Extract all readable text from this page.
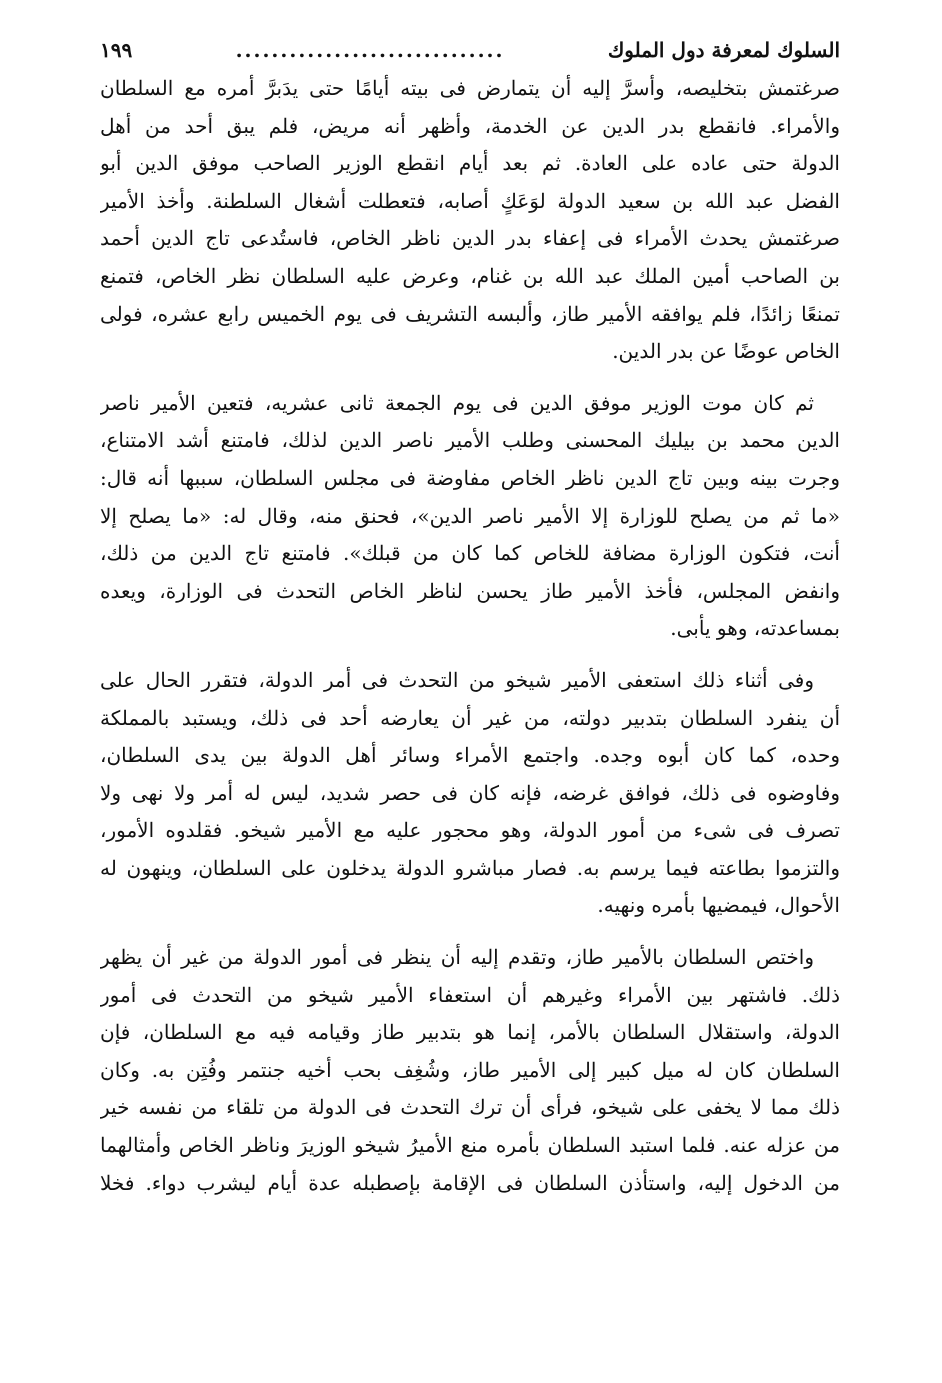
السلوك لمعرفة دول الملوك
..............................
١٩٩
صرغتمش بتخليصه، وأسرَّ إليه أن يتمارض فى بيته أيامًا حتى يدَبرَّ أمره مع السلطان
والأمراء. فانقطع بدر الدين عن الخدمة، وأظهر أنه مريض، فلم يبق أحد من أهل
الدولة حتى عاده على العادة. ثم بعد أيام انقطع الوزير الصاحب موفق الدين أبو
الفضل عبد الله بن سعيد الدولة لوَعَكٍ أصابه، فتعطلت أشغال السلطنة. وأخذ الأمير
صرغتمش يحدث الأمراء فى إعفاء بدر الدين ناظر الخاص، فاستُدعى تاج الدين أحمد
بن الصاحب أمين الملك عبد الله بن غنام، وعرض عليه السلطان نظر الخاص، فتمنع
تمنعًا زائدًا، فلم يوافقه الأمير طاز، وألبسه التشريف فى يوم الخميس رابع عشره، فولى
الخاص عوضًا عن بدر الدين.
ثم كان موت الوزير موفق الدين فى يوم الجمعة ثانى عشريه، فتعين الأمير ناصر
الدين محمد بن بيليك المحسنى وطلب الأمير ناصر الدين لذلك، فامتنع أشد الامتناع،
وجرت بينه وبين تاج الدين ناظر الخاص مفاوضة فى مجلس السلطان، سببها أنه قال:
«ما ثم من يصلح للوزارة إلا الأمير ناصر الدين»، فحنق منه، وقال له: «ما يصلح إلا
أنت، فتكون الوزارة مضافة للخاص كما كان من قبلك». فامتنع تاج الدين من ذلك،
وانفض المجلس، فأخذ الأمير طاز يحسن لناظر الخاص التحدث فى الوزارة، ويعده
بمساعدته، وهو يأبى.
وفى أثناء ذلك استعفى الأمير شيخو من التحدث فى أمر الدولة، فتقرر الحال على
أن ينفرد السلطان بتدبير دولته، من غير أن يعارضه أحد فى ذلك، ويستبد بالمملكة
وحده، كما كان أبوه وجده. واجتمع الأمراء وسائر أهل الدولة بين يدى السلطان،
وفاوضوه فى ذلك، فوافق غرضه، فإنه كان فى حصر شديد، ليس له أمر ولا نهى ولا
تصرف فى شىء من أمور الدولة، وهو محجور عليه مع الأمير شيخو. فقلدوه الأمور،
والتزموا بطاعته فيما يرسم به. فصار مباشرو الدولة يدخلون على السلطان، وينهون له
الأحوال، فيمضيها بأمره ونهيه.
واختص السلطان بالأمير طاز، وتقدم إليه أن ينظر فى أمور الدولة من غير أن يظهر
ذلك. فاشتهر بين الأمراء وغيرهم أن استعفاء الأمير شيخو من التحدث فى أمور
الدولة، واستقلال السلطان بالأمر، إنما هو بتدبير طاز وقيامه فيه مع السلطان، فإن
السلطان كان له ميل كبير إلى الأمير طاز، وشُغِف بحب أخيه جنتمر وفُتِن به. وكان
ذلك مما لا يخفى على شيخو، فرأى أن ترك التحدث فى الدولة من تلقاء من نفسه خير
من عزله عنه. فلما استبد السلطان بأمره منع الأميرُ شيخو الوزيرَ وناظر الخاص وأمثالهما
من الدخول إليه، واستأذن السلطان فى الإقامة بإصطبله عدة أيام ليشرب دواء. فخلا
